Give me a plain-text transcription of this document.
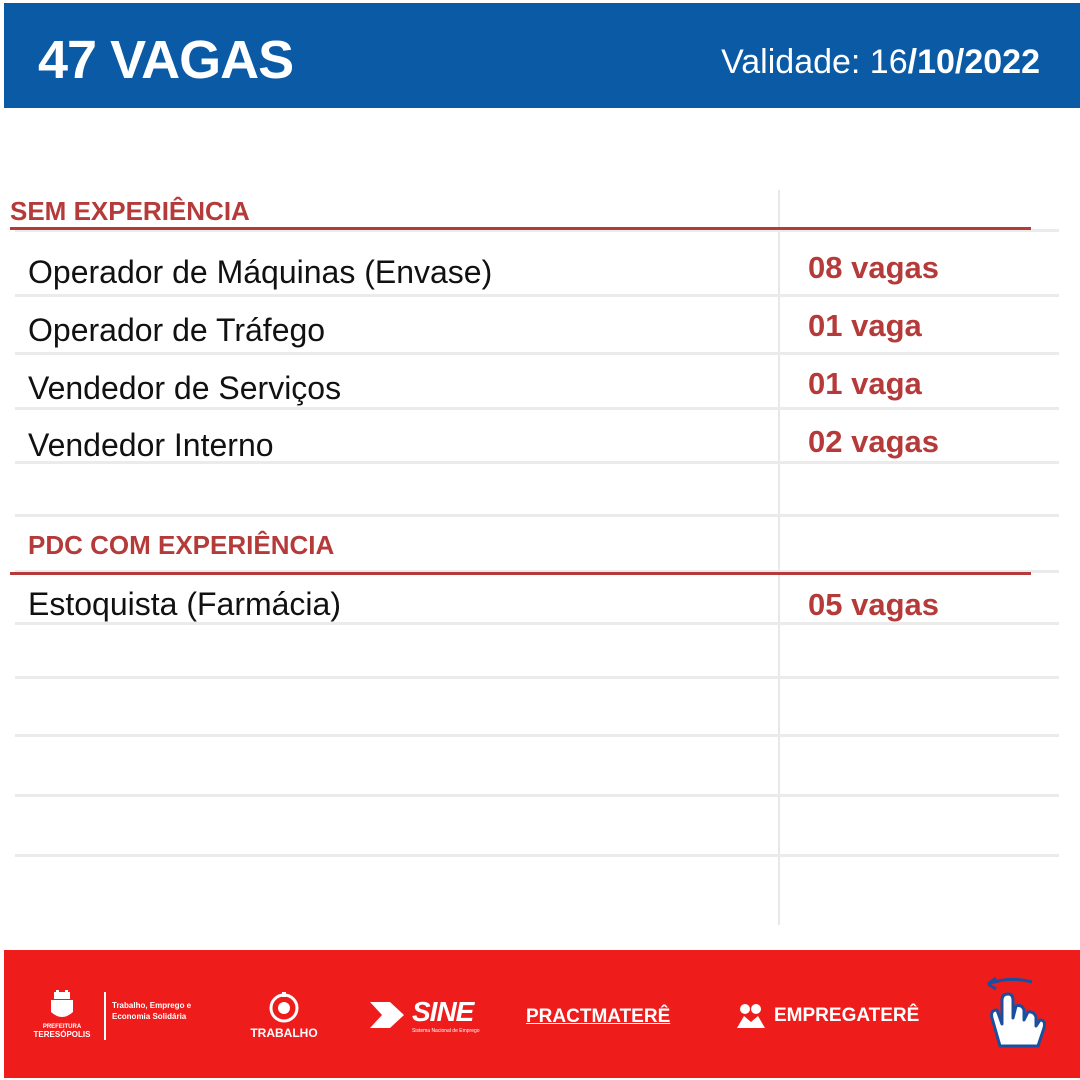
47 VAGAS	Validade: 16/10/2022
SEM EXPERIÊNCIA
Operador de Máquinas (Envase)	08 vagas
Operador de Tráfego	01 vaga
Vendedor de Serviços	01 vaga
Vendedor Interno	02 vagas
PDC COM EXPERIÊNCIA
Estoquista (Farmácia)	05 vagas
PREFEITURA
TERESÓPOLIS
Trabalho, Emprego e Economia Solidária
TRABALHO
SINE
Sistema Nacional de Emprego
PRACTMATERÊ	EMPREGATERÊ
